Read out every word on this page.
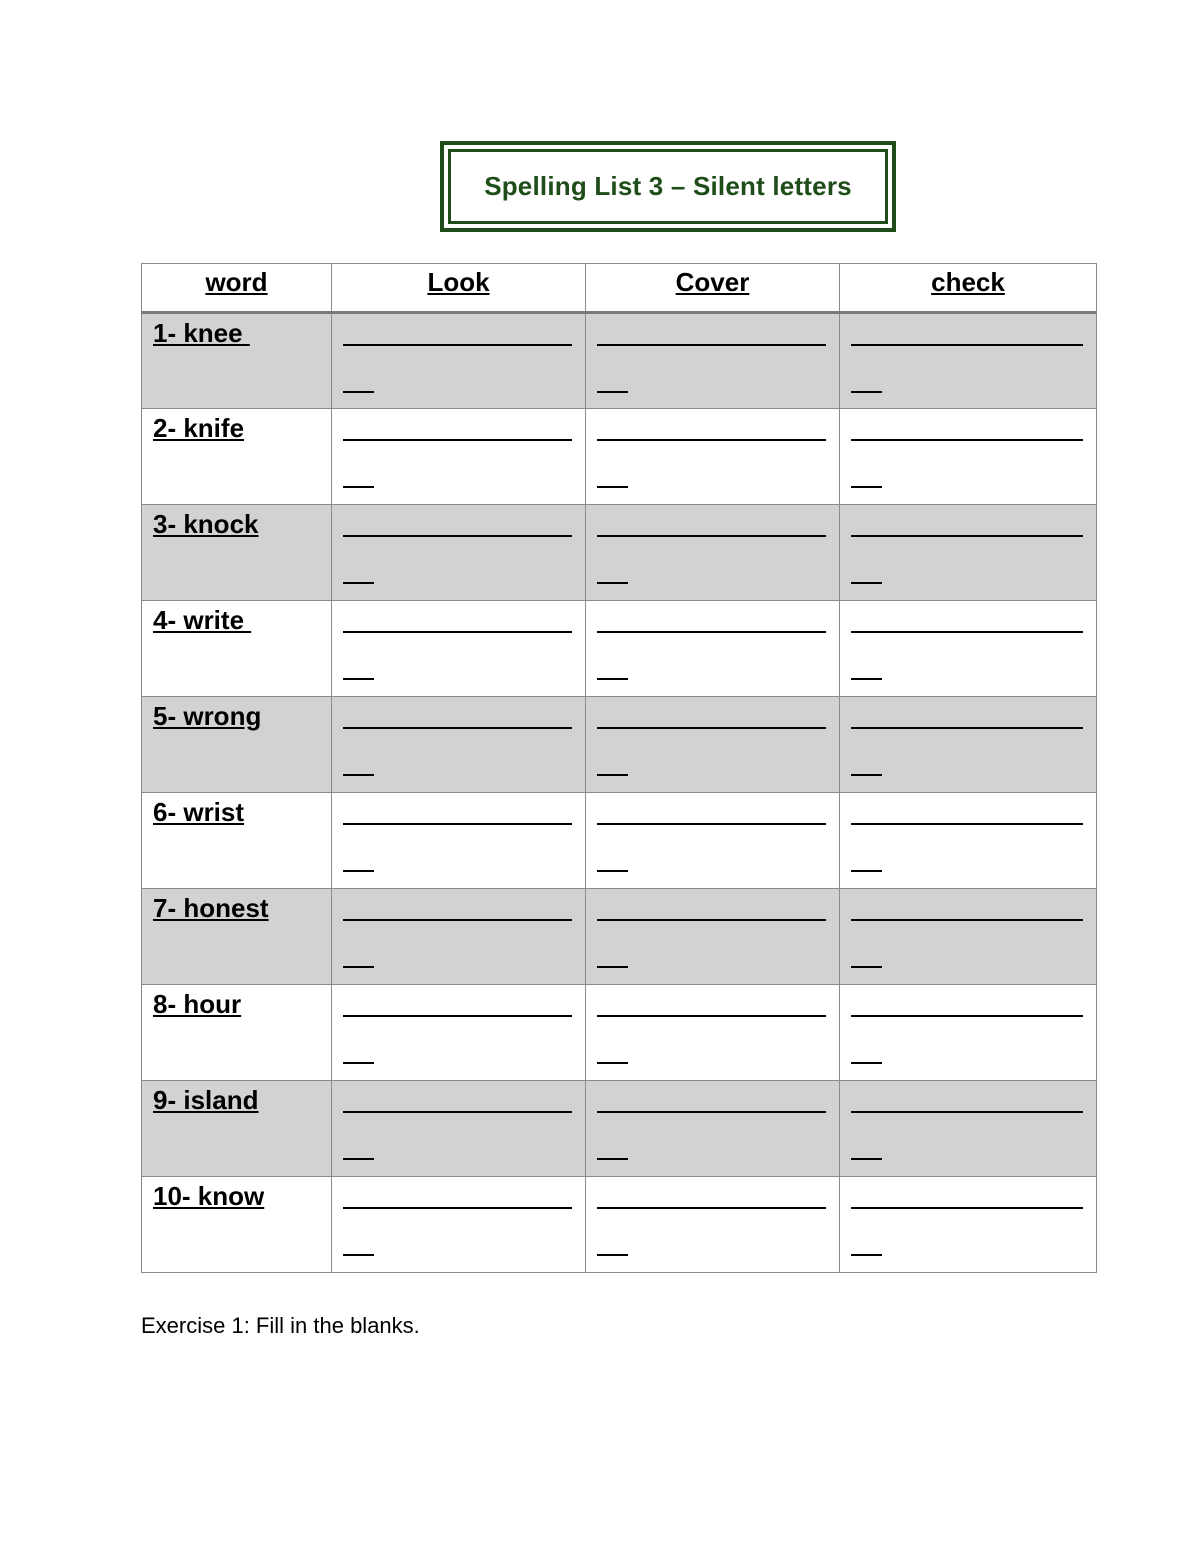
Spelling List 3 – Silent letters
word	Look	Cover	check

1- knee			

2- knife			

3- knock			

4- write			

5- wrong			

6- wrist			

7- honest			

8- hour			

9- island			

10- know			

Exercise 1: Fill in the blanks.
